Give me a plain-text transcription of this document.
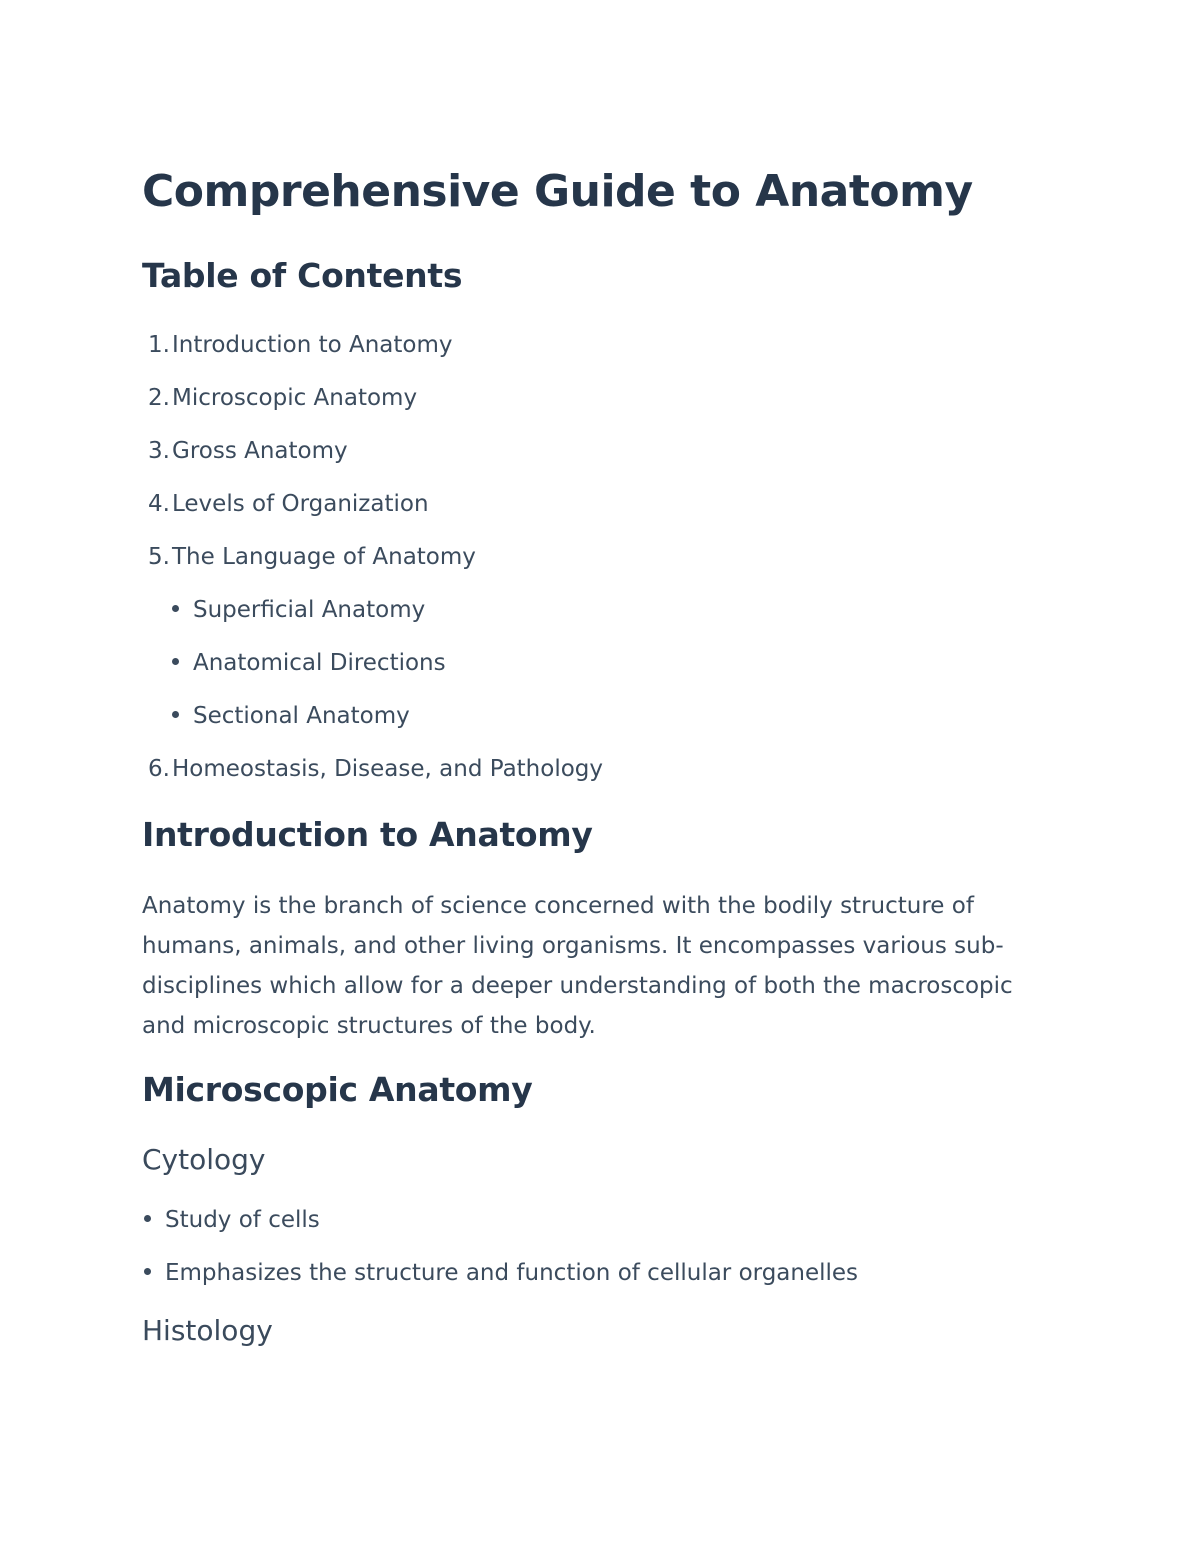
Comprehensive Guide to Anatomy
Table of Contents
1.Introduction to Anatomy
2.Microscopic Anatomy
3.Gross Anatomy
4.Levels of Organization
5.The Language of Anatomy
Superficial Anatomy
Anatomical Directions
Sectional Anatomy
6.Homeostasis, Disease, and Pathology
Introduction to Anatomy

Anatomy is the branch of science concerned with the bodily structure of humans, animals, and other living organisms. It encompasses various sub-disciplines which allow for a deeper understanding of both the macroscopic and microscopic structures of the body.

Microscopic Anatomy
Cytology
Study of cells
Emphasizes the structure and function of cellular organelles
Histology
